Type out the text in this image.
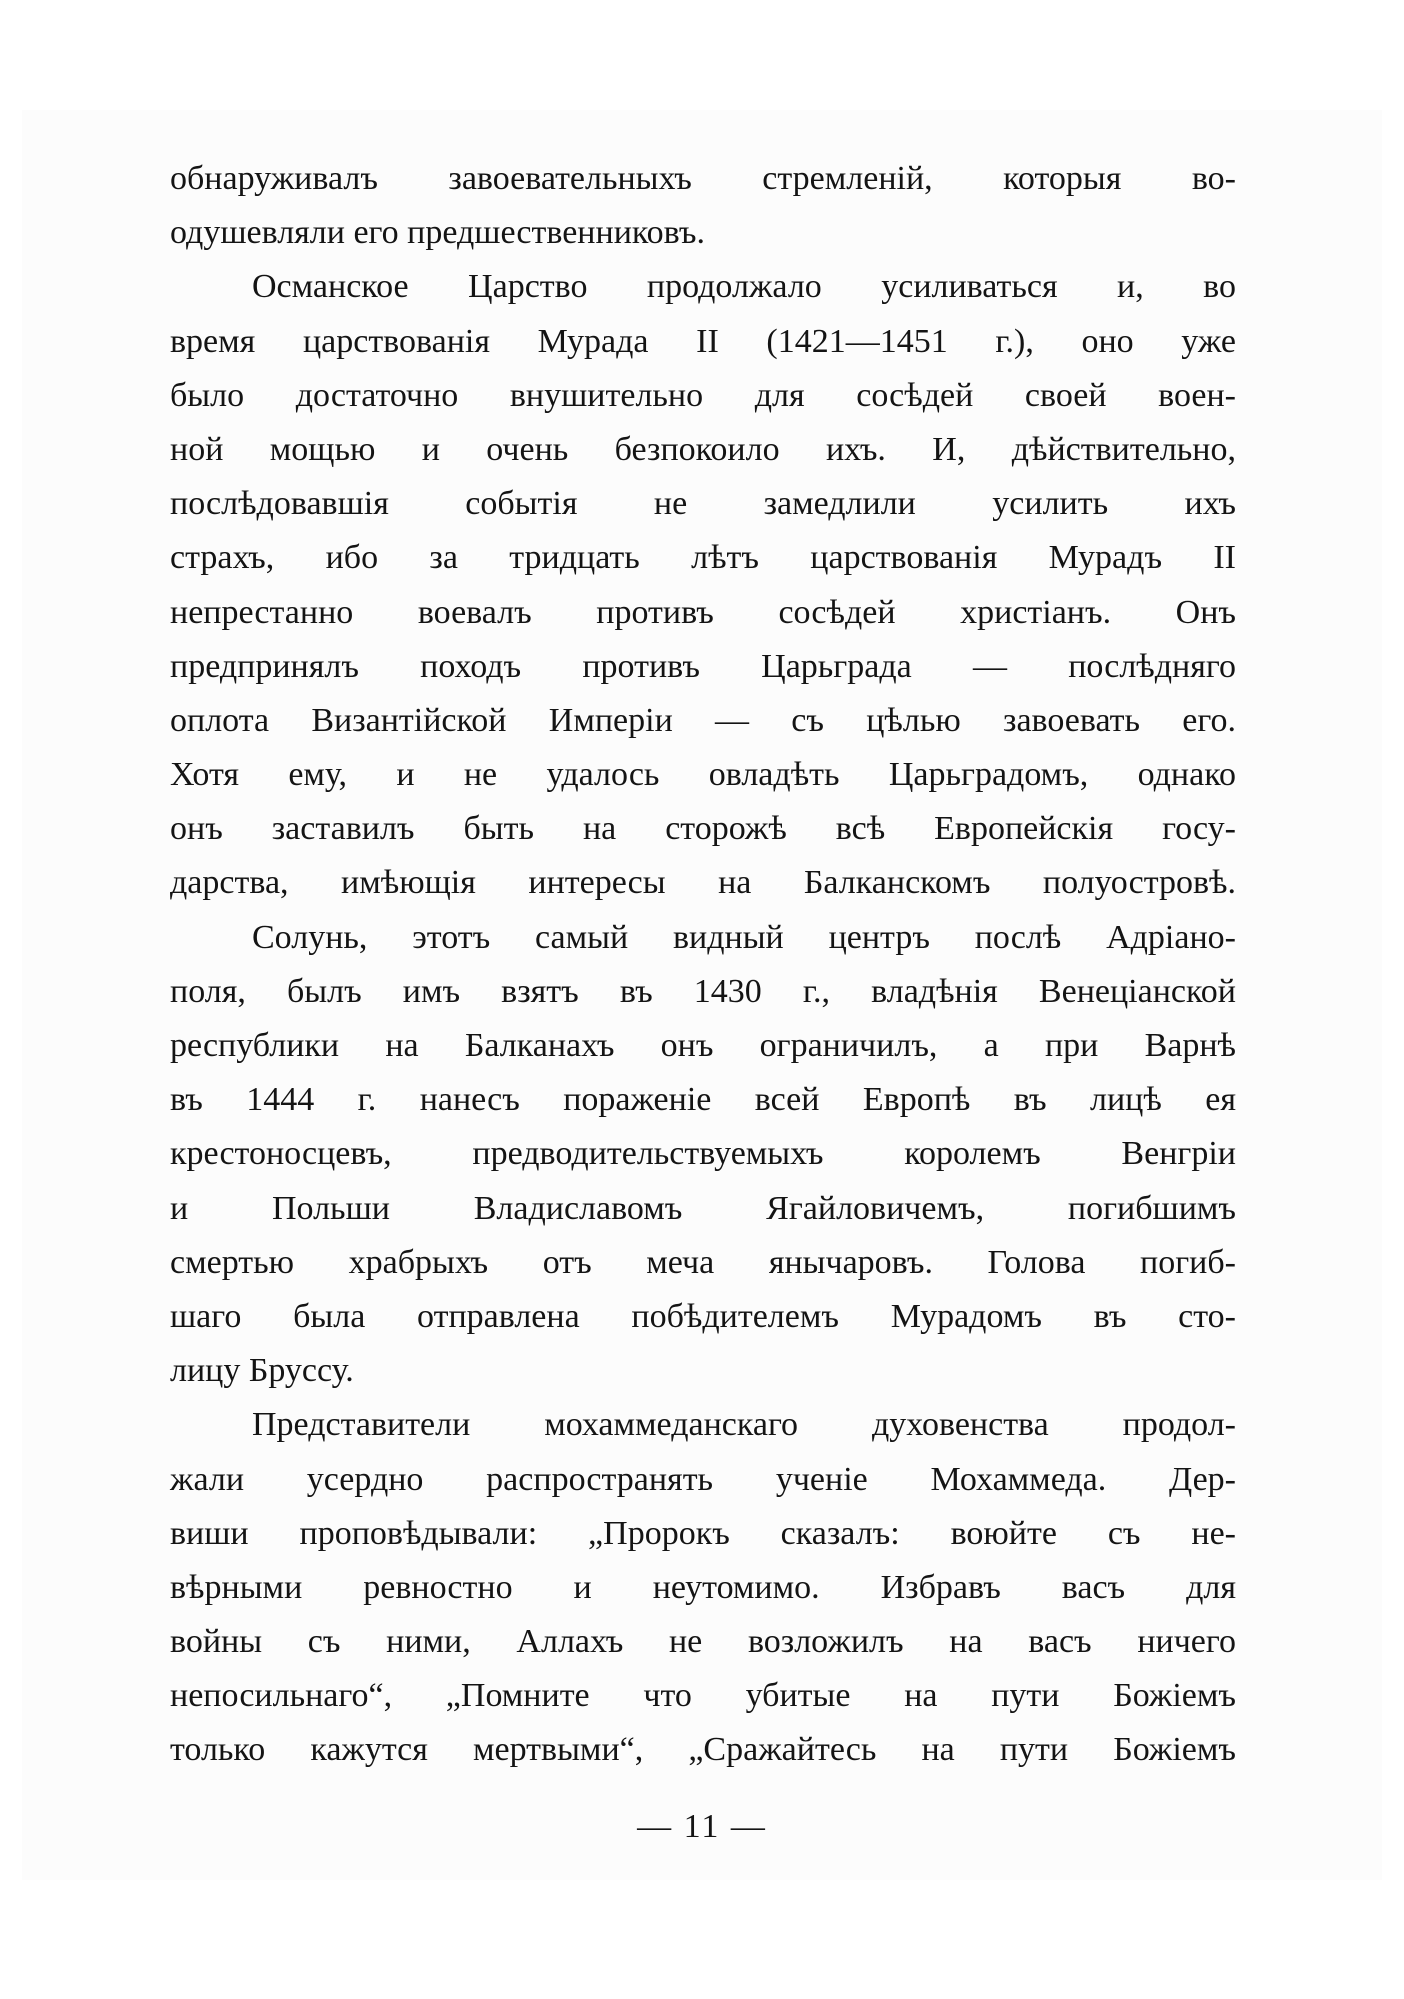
обнаруживалъ завоевательныхъ стремленій, которыя во-
одушевляли его предшественниковъ.
Османское Царство продолжало усиливаться и, во
время царствованія Мурада II (1421—1451 г.), оно уже
было достаточно внушительно для сосѣдей своей воен-
ной мощью и очень безпокоило ихъ. И, дѣйствительно,
послѣдовавшія событія не замедлили усилить ихъ
страхъ, ибо за тридцать лѣтъ царствованія Мурадъ II
непрестанно воевалъ противъ сосѣдей христіанъ. Онъ
предпринялъ походъ противъ Царьграда — послѣдняго
оплота Византійской Имперіи — съ цѣлью завоевать его.
Хотя ему, и не удалось овладѣть Царьградомъ, однако
онъ заставилъ быть на сторожѣ всѣ Европейскія госу-
дарства, имѣющія интересы на Балканскомъ полуостровѣ.
Солунь, этотъ самый видный центръ послѣ Адріано-
поля, былъ имъ взятъ въ 1430 г., владѣнія Венеціанской
республики на Балканахъ онъ ограничилъ, а при Варнѣ
въ 1444 г. нанесъ пораженіе всей Европѣ въ лицѣ ея
крестоносцевъ, предводительствуемыхъ королемъ Венгріи
и Польши Владиславомъ Ягайловичемъ, погибшимъ
смертью храбрыхъ отъ меча янычаровъ. Голова погиб-
шаго была отправлена побѣдителемъ Мурадомъ въ сто-
лицу Бруссу.
Представители мохаммеданскаго духовенства продол-
жали усердно распространять ученіе Мохаммеда. Дер-
виши проповѣдывали: „Пророкъ сказалъ: воюйте съ не-
вѣрными ревностно и неутомимо. Избравъ васъ для
войны съ ними, Аллахъ не возложилъ на васъ ничего
непосильнаго“, „Помните что убитые на пути Божіемъ
только кажутся мертвыми“, „Сражайтесь на пути Божіемъ
— 11 —
